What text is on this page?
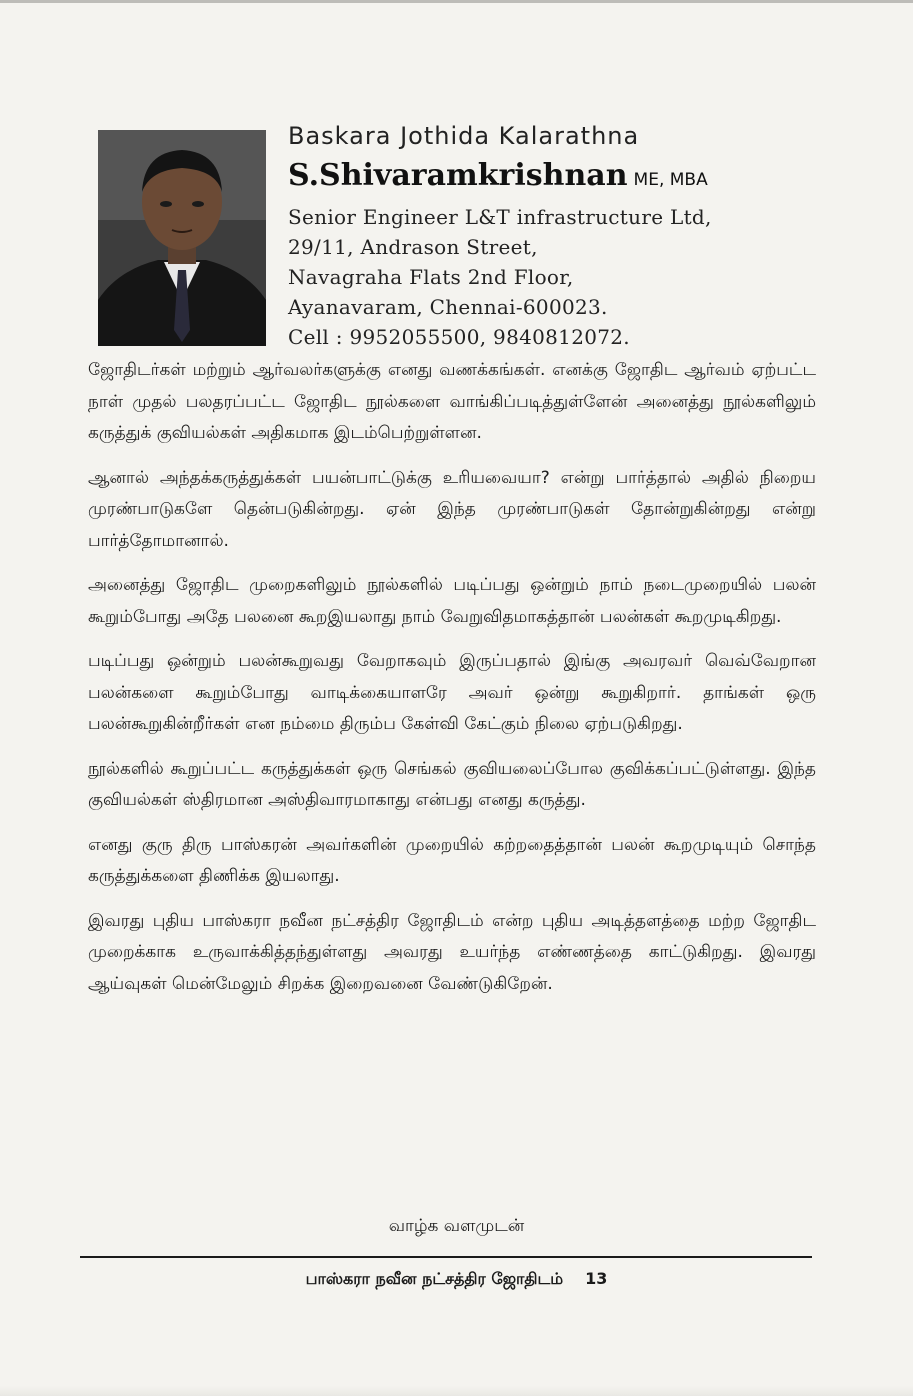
Baskara Jothida Kalarathna
S.Shivaramkrishnan ME, MBA
Senior Engineer L&T infrastructure Ltd,
29/11, Andrason Street,
Navagraha Flats 2nd Floor,
Ayanavaram, Chennai-600023.
Cell : 9952055500, 9840812072.

ஜோதிடர்கள் மற்றும் ஆர்வலர்களுக்கு எனது வணக்கங்கள். எனக்கு ஜோதிட ஆர்வம் ஏற்பட்ட நாள் முதல் பலதரப்பட்ட ஜோதிட நூல்களை வாங்கிப்படித்துள்ளேன் அனைத்து நூல்களிலும் கருத்துக் குவியல்கள் அதிகமாக இடம்பெற்றுள்ளன.

ஆனால் அந்தக்கருத்துக்கள் பயன்பாட்டுக்கு உரியவையா? என்று பார்த்தால் அதில் நிறைய முரண்பாடுகளே தென்படுகின்றது. ஏன் இந்த முரண்பாடுகள் தோன்றுகின்றது என்று பார்த்தோமானால்.

அனைத்து ஜோதிட முறைகளிலும் நூல்களில் படிப்பது ஒன்றும் நாம் நடைமுறையில் பலன் கூறும்போது அதே பலனை கூறஇயலாது நாம் வேறுவிதமாகத்தான் பலன்கள் கூறமுடிகிறது.

படிப்பது ஒன்றும் பலன்கூறுவது வேறாகவும் இருப்பதால் இங்கு அவரவர் வெவ்வேறான பலன்களை கூறும்போது வாடிக்கையாளரே அவர் ஒன்று கூறுகிறார். தாங்கள் ஒரு பலன்கூறுகின்றீர்கள் என நம்மை திரும்ப கேள்வி கேட்கும் நிலை ஏற்படுகிறது.

நூல்களில் கூறுப்பட்ட கருத்துக்கள் ஒரு செங்கல் குவியலைப்போல குவிக்கப்பட்டுள்ளது. இந்த குவியல்கள் ஸ்திரமான அஸ்திவாரமாகாது என்பது எனது கருத்து.

எனது குரு திரு பாஸ்கரன் அவர்களின் முறையில் கற்றதைத்தான் பலன் கூறமுடியும் சொந்த கருத்துக்களை திணிக்க இயலாது.

இவரது புதிய பாஸ்கரா நவீன நட்சத்திர ஜோதிடம் என்ற புதிய அடித்தளத்தை மற்ற ஜோதிட முறைக்காக உருவாக்கித்தந்துள்ளது அவரது உயர்ந்த எண்ணத்தை காட்டுகிறது. இவரது ஆய்வுகள் மென்மேலும் சிறக்க இறைவனை வேண்டுகிறேன்.

வாழ்க வளமுடன்
பாஸ்கரா நவீன நட்சத்திர ஜோதிடம் 13
